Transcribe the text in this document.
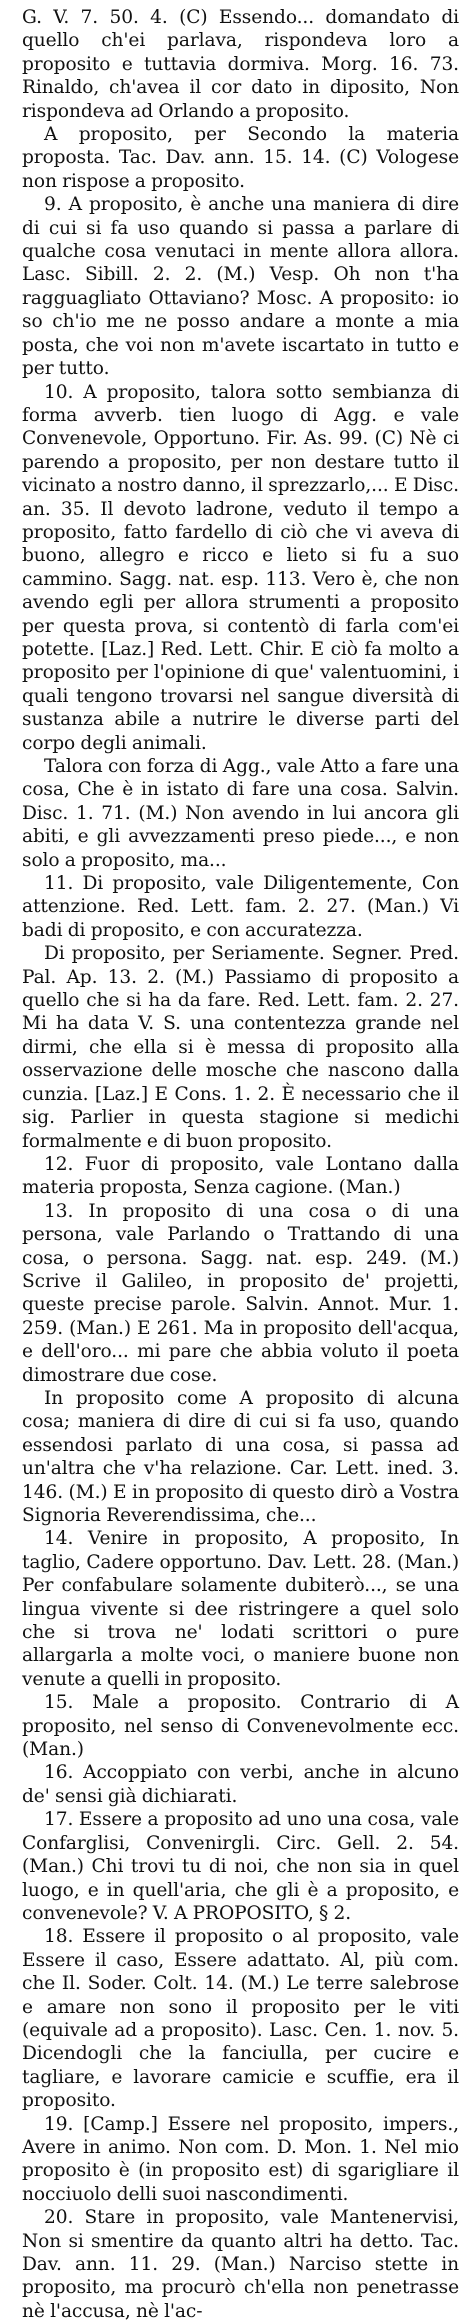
G. V. 7. 50. 4. (C) Essendo... domandato di quello ch'ei parlava, rispondeva loro a proposito e tuttavia dormiva. Morg. 16. 73. Rinaldo, ch'avea il cor dato in diposito, Non rispondeva ad Orlando a proposito.

A proposito, per Secondo la materia proposta. Tac. Dav. ann. 15. 14. (C) Vologese non rispose a proposito.

9. A proposito, è anche una maniera di dire di cui si fa uso quando si passa a parlare di qualche cosa venutaci in mente allora allora. Lasc. Sibill. 2. 2. (M.) Vesp. Oh non t'ha ragguagliato Ottaviano? Mosc. A proposito: io so ch'io me ne posso andare a monte a mia posta, che voi non m'avete iscartato in tutto e per tutto.

10. A proposito, talora sotto sembianza di forma avverb. tien luogo di Agg. e vale Convenevole, Opportuno. Fir. As. 99. (C) Nè ci parendo a proposito, per non destare tutto il vicinato a nostro danno, il sprezzarlo,... E Disc. an. 35. Il devoto ladrone, veduto il tempo a proposito, fatto fardello di ciò che vi aveva di buono, allegro e ricco e lieto si fu a suo cammino. Sagg. nat. esp. 113. Vero è, che non avendo egli per allora strumenti a proposito per questa prova, si contentò di farla com'ei potette. [Laz.] Red. Lett. Chir. E ciò fa molto a proposito per l'opinione di que' valentuomini, i quali tengono trovarsi nel sangue diversità di sustanza abile a nutrire le diverse parti del corpo degli animali.

Talora con forza di Agg., vale Atto a fare una cosa, Che è in istato di fare una cosa. Salvin. Disc. 1. 71. (M.) Non avendo in lui ancora gli abiti, e gli avvezzamenti preso piede..., e non solo a proposito, ma...

11. Di proposito, vale Diligentemente, Con attenzione. Red. Lett. fam. 2. 27. (Man.) Vi badi di proposito, e con accuratezza.

Di proposito, per Seriamente. Segner. Pred. Pal. Ap. 13. 2. (M.) Passiamo di proposito a quello che si ha da fare. Red. Lett. fam. 2. 27. Mi ha data V. S. una contentezza grande nel dirmi, che ella si è messa di proposito alla osservazione delle mosche che nascono dalla cunzia. [Laz.] E Cons. 1. 2. È necessario che il sig. Parlier in questa stagione si medichi formalmente e di buon proposito.

12. Fuor di proposito, vale Lontano dalla materia proposta, Senza cagione. (Man.)

13. In proposito di una cosa o di una persona, vale Parlando o Trattando di una cosa, o persona. Sagg. nat. esp. 249. (M.) Scrive il Galileo, in proposito de' projetti, queste precise parole. Salvin. Annot. Mur. 1. 259. (Man.) E 261. Ma in proposito dell'acqua, e dell'oro... mi pare che abbia voluto il poeta dimostrare due cose.

In proposito come A proposito di alcuna cosa; maniera di dire di cui si fa uso, quando essendosi parlato di una cosa, si passa ad un'altra che v'ha relazione. Car. Lett. ined. 3. 146. (M.) E in proposito di questo dirò a Vostra Signoria Reverendissima, che...

14. Venire in proposito, A proposito, In taglio, Cadere opportuno. Dav. Lett. 28. (Man.) Per confabulare solamente dubiterò..., se una lingua vivente si dee ristringere a quel solo che si trova ne' lodati scrittori o pure allargarla a molte voci, o maniere buone non venute a quelli in proposito.

15. Male a proposito. Contrario di A proposito, nel senso di Convenevolmente ecc. (Man.)

16. Accoppiato con verbi, anche in alcuno de' sensi già dichiarati.

17. Essere a proposito ad uno una cosa, vale Confarglisi, Convenirgli. Circ. Gell. 2. 54. (Man.) Chi trovi tu di noi, che non sia in quel luogo, e in quell'aria, che gli è a proposito, e convenevole? V. A PROPOSITO, § 2.

18. Essere il proposito o al proposito, vale Essere il caso, Essere adattato. Al, più com. che Il. Soder. Colt. 14. (M.) Le terre salebrose e amare non sono il proposito per le viti (equivale ad a proposito). Lasc. Cen. 1. nov. 5. Dicendogli che la fanciulla, per cucire e tagliare, e lavorare camicie e scuffie, era il proposito.

19. [Camp.] Essere nel proposito, impers., Avere in animo. Non com. D. Mon. 1. Nel mio proposito è (in proposito est) di sgarigliare il nocciuolo delli suoi nascondimenti.

20. Stare in proposito, vale Mantenervisi, Non si smentire da quanto altri ha detto. Tac. Dav. ann. 11. 29. (Man.) Narciso stette in proposito, ma procurò ch'ella non penetrasse nè l'accusa, nè l'ac-
